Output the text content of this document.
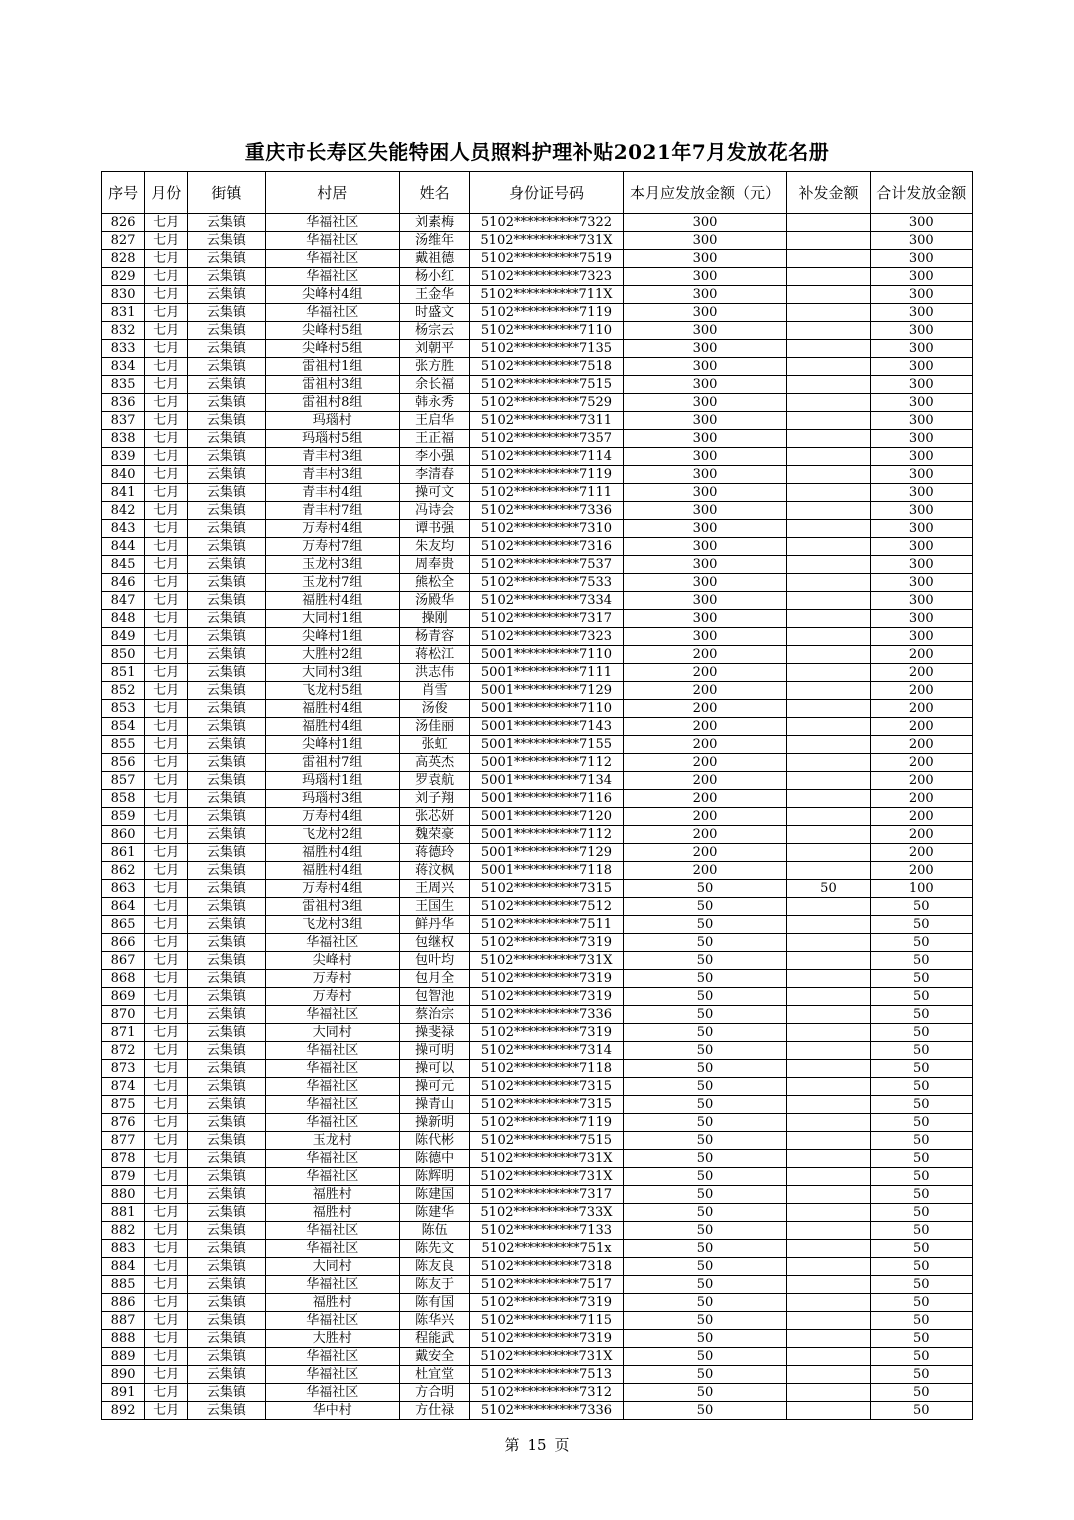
重庆市长寿区失能特困人员照料护理补贴2021年7月发放花名册
序号	月份	街镇	村居	姓名	身份证号码	本月应发放金额（元）	补发金额	合计发放金额
826	七月	云集镇	华福社区	刘素梅	5102**********7322	300		300
827	七月	云集镇	华福社区	汤维年	5102**********731X	300		300
828	七月	云集镇	华福社区	戴祖德	5102**********7519	300		300
829	七月	云集镇	华福社区	杨小红	5102**********7323	300		300
830	七月	云集镇	尖峰村4组	王金华	5102**********711X	300		300
831	七月	云集镇	华福社区	时盛文	5102**********7119	300		300
832	七月	云集镇	尖峰村5组	杨宗云	5102**********7110	300		300
833	七月	云集镇	尖峰村5组	刘朝平	5102**********7135	300		300
834	七月	云集镇	雷祖村1组	张方胜	5102**********7518	300		300
835	七月	云集镇	雷祖村3组	余长福	5102**********7515	300		300
836	七月	云集镇	雷祖村8组	韩永秀	5102**********7529	300		300
837	七月	云集镇	玛瑙村	王启华	5102**********7311	300		300
838	七月	云集镇	玛瑙村5组	王正福	5102**********7357	300		300
839	七月	云集镇	青丰村3组	李小强	5102**********7114	300		300
840	七月	云集镇	青丰村3组	李清春	5102**********7119	300		300
841	七月	云集镇	青丰村4组	操可文	5102**********7111	300		300
842	七月	云集镇	青丰村7组	冯诗会	5102**********7336	300		300
843	七月	云集镇	万寿村4组	谭书强	5102**********7310	300		300
844	七月	云集镇	万寿村7组	朱友均	5102**********7316	300		300
845	七月	云集镇	玉龙村3组	周奉贵	5102**********7537	300		300
846	七月	云集镇	玉龙村7组	熊松全	5102**********7533	300		300
847	七月	云集镇	福胜村4组	汤殿华	5102**********7334	300		300
848	七月	云集镇	大同村1组	操刚	5102**********7317	300		300
849	七月	云集镇	尖峰村1组	杨青容	5102**********7323	300		300
850	七月	云集镇	大胜村2组	蒋松江	5001**********7110	200		200
851	七月	云集镇	大同村3组	洪志伟	5001**********7111	200		200
852	七月	云集镇	飞龙村5组	肖雪	5001**********7129	200		200
853	七月	云集镇	福胜村4组	汤俊	5001**********7110	200		200
854	七月	云集镇	福胜村4组	汤佳丽	5001**********7143	200		200
855	七月	云集镇	尖峰村1组	张虹	5001**********7155	200		200
856	七月	云集镇	雷祖村7组	高英杰	5001**********7112	200		200
857	七月	云集镇	玛瑙村1组	罗袁航	5001**********7134	200		200
858	七月	云集镇	玛瑙村3组	刘子翔	5001**********7116	200		200
859	七月	云集镇	万寿村4组	张芯妍	5001**********7120	200		200
860	七月	云集镇	飞龙村2组	魏荣豪	5001**********7112	200		200
861	七月	云集镇	福胜村4组	蒋德玲	5001**********7129	200		200
862	七月	云集镇	福胜村4组	蒋汶枫	5001**********7118	200		200
863	七月	云集镇	万寿村4组	王周兴	5102**********7315	50	50	100
864	七月	云集镇	雷祖村3组	王国生	5102**********7512	50		50
865	七月	云集镇	飞龙村3组	鲜丹华	5102**********7511	50		50
866	七月	云集镇	华福社区	包继权	5102**********7319	50		50
867	七月	云集镇	尖峰村	包叶均	5102**********731X	50		50
868	七月	云集镇	万寿村	包月全	5102**********7319	50		50
869	七月	云集镇	万寿村	包智池	5102**********7319	50		50
870	七月	云集镇	华福社区	蔡治宗	5102**********7336	50		50
871	七月	云集镇	大同村	操斐禄	5102**********7319	50		50
872	七月	云集镇	华福社区	操可明	5102**********7314	50		50
873	七月	云集镇	华福社区	操可以	5102**********7118	50		50
874	七月	云集镇	华福社区	操可元	5102**********7315	50		50
875	七月	云集镇	华福社区	操青山	5102**********7315	50		50
876	七月	云集镇	华福社区	操新明	5102**********7119	50		50
877	七月	云集镇	玉龙村	陈代彬	5102**********7515	50		50
878	七月	云集镇	华福社区	陈德中	5102**********731X	50		50
879	七月	云集镇	华福社区	陈辉明	5102**********731X	50		50
880	七月	云集镇	福胜村	陈建国	5102**********7317	50		50
881	七月	云集镇	福胜村	陈建华	5102**********733X	50		50
882	七月	云集镇	华福社区	陈伍	5102**********7133	50		50
883	七月	云集镇	华福社区	陈先文	5102**********751x	50		50
884	七月	云集镇	大同村	陈友良	5102**********7318	50		50
885	七月	云集镇	华福社区	陈友于	5102**********7517	50		50
886	七月	云集镇	福胜村	陈有国	5102**********7319	50		50
887	七月	云集镇	华福社区	陈华兴	5102**********7115	50		50
888	七月	云集镇	大胜村	程能武	5102**********7319	50		50
889	七月	云集镇	华福社区	戴安全	5102**********731X	50		50
890	七月	云集镇	华福社区	杜宜堂	5102**********7513	50		50
891	七月	云集镇	华福社区	方合明	5102**********7312	50		50
892	七月	云集镇	华中村	方仕禄	5102**********7336	50		50
第 15 页
